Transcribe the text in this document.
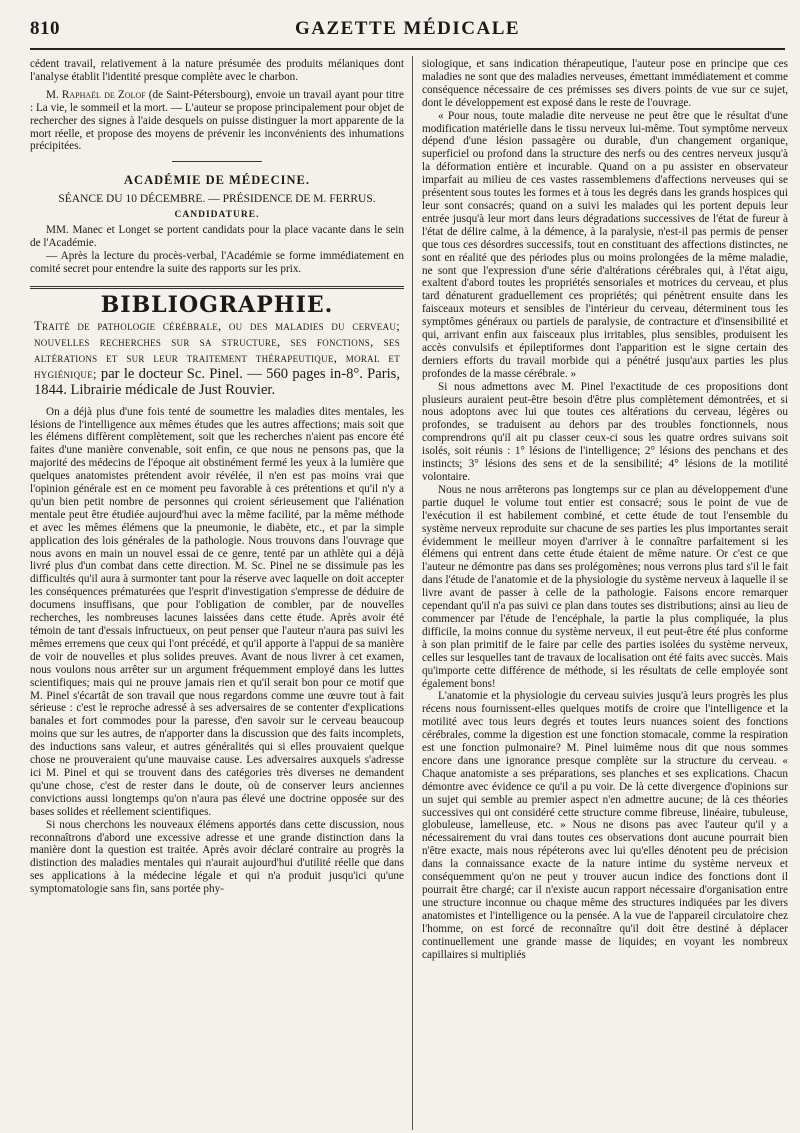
810	GAZETTE MÉDICALE

cédent travail, relativement à la nature présumée des produits mélaniques dont l'analyse établit l'identité presque complète avec le charbon.

M. Raphaël de Zolof (de Saint-Pétersbourg), envoie un travail ayant pour titre : La vie, le sommeil et la mort. — L'auteur se propose principalement pour objet de rechercher des signes à l'aide desquels on puisse distinguer la mort apparente de la mort réelle, et propose des moyens de prévenir les inconvénients des inhumations précipitées.

ACADÉMIE DE MÉDECINE.
SÉANCE DU 10 DÉCEMBRE. — PRÉSIDENCE DE M. FERRUS.
CANDIDATURE.

MM. Manec et Longet se portent candidats pour la place vacante dans le sein de l'Académie.

— Après la lecture du procès-verbal, l'Académie se forme immédiatement en comité secret pour entendre la suite des rapports sur les prix.

BIBLIOGRAPHIE.
Traité de pathologie cérébrale, ou des maladies du cerveau; nouvelles recherches sur sa structure, ses fonctions, ses altérations et sur leur traitement thérapeutique, moral et hygiénique; par le docteur Sc. Pinel. — 560 pages in-8°. Paris, 1844. Librairie médicale de Just Rouvier.

On a déjà plus d'une fois tenté de soumettre les maladies dites mentales, les lésions de l'intelligence aux mêmes études que les autres affections; mais soit que les élémens diffèrent complètement, soit que les recherches n'aient pas encore été faites d'une manière convenable, soit enfin, ce que nous ne pensons pas, que la majorité des médecins de l'époque ait obstinément fermé les yeux à la lumière que quelques anatomistes prétendent avoir révélée, il n'en est pas moins vrai que l'opinion générale est en ce moment peu favorable à ces prétentions et qu'il n'y a qu'un bien petit nombre de personnes qui croient sérieusement que l'aliénation mentale peut être étudiée aujourd'hui avec la même facilité, par la même méthode et avec les mêmes élémens que la pneumonie, le diabète, etc., et par la simple application des lois générales de la pathologie. Nous trouvons dans l'ouvrage que nous avons en main un nouvel essai de ce genre, tenté par un athlète qui a déjà livré plus d'un combat dans cette direction. M. Sc. Pinel ne se dissimule pas les difficultés qu'il aura à surmonter tant pour la réserve avec laquelle on doit accepter les conséquences prématurées que l'esprit d'investigation s'empresse de déduire de documens insuffisans, que pour l'obligation de combler, par de nouvelles recherches, les nombreuses lacunes laissées dans cette étude. Après avoir été témoin de tant d'essais infructueux, on peut penser que l'auteur n'aura pas suivi les mêmes erremens que ceux qui l'ont précédé, et qu'il apporte à l'appui de sa manière de voir de nouvelles et plus solides preuves. Avant de nous livrer à cet examen, nous voulons nous arrêter sur un argument fréquemment employé dans les luttes scientifiques; mais qui ne prouve jamais rien et qu'il serait bon pour ce motif que M. Pinel s'écartât de son travail que nous regardons comme une œuvre tout à fait sérieuse : c'est le reproche adressé à ses adversaires de se contenter d'explications banales et fort commodes pour la paresse, d'en savoir sur le cerveau beaucoup moins que sur les autres, de n'apporter dans la discussion que des faits incomplets, des inductions sans valeur, et autres généralités qui si elles prouvaient quelque chose ne prouveraient qu'une mauvaise cause. Les adversaires auxquels s'adresse ici M. Pinel et qui se trouvent dans des catégories très diverses ne demandent qu'une chose, c'est de rester dans le doute, où de conserver leurs anciennes convictions aussi longtemps qu'on n'aura pas élevé une doctrine opposée sur des bases solides et réellement scientifiques.

Si nous cherchons les nouveaux élémens apportés dans cette discussion, nous reconnaîtrons d'abord une excessive adresse et une grande distinction dans la manière dont la question est traitée. Après avoir déclaré contraire au progrès la distinction des maladies mentales qui n'aurait aujourd'hui d'utilité réelle que dans ses applications à la médecine légale et qui n'a produit jusqu'ici qu'une symptomatologie sans fin, sans portée phy-

siologique, et sans indication thérapeutique, l'auteur pose en principe que ces maladies ne sont que des maladies nerveuses, émettant immédiatement et comme conséquence nécessaire de ces prémisses ses divers points de vue sur ce sujet, dont le développement est exposé dans le reste de l'ouvrage.

« Pour nous, toute maladie dite nerveuse ne peut être que le résultat d'une modification matérielle dans le tissu nerveux lui-même. Tout symptôme nerveux dépend d'une lésion passagère ou durable, d'un changement organique, superficiel ou profond dans la structure des nerfs ou des centres nerveux jusqu'à la déformation entière et incurable. Quand on a pu assister en observateur imparfait au milieu de ces vastes rassemblemens d'affections nerveuses qui se présentent sous toutes les formes et à tous les degrés dans les grands hospices qui leur sont consacrés; quand on a suivi les malades qui les portent depuis leur entrée jusqu'à leur mort dans leurs dégradations successives de l'état de fureur à l'état de délire calme, à la démence, à la paralysie, n'est-il pas permis de penser que tous ces désordres successifs, tout en constituant des affections distinctes, ne sont en réalité que des périodes plus ou moins prolongées de la même maladie, ne sont que l'expression d'une série d'altérations cérébrales qui, à l'état aigu, exaltent d'abord toutes les propriétés sensoriales et motrices du cerveau, et plus tard dénaturent graduellement ces propriétés; qui pénètrent ensuite dans les faisceaux moteurs et sensibles de l'intérieur du cerveau, déterminent tous les symptômes généraux ou partiels de paralysie, de contracture et d'insensibilité et qui, arrivant enfin aux faisceaux plus irritables, plus sensibles, produisent les accès convulsifs et épileptiformes dont l'apparition est le signe certain des derniers efforts du travail morbide qui a pénétré jusqu'aux parties les plus profondes de la masse cérébrale. »

Si nous admettons avec M. Pinel l'exactitude de ces propositions dont plusieurs auraient peut-être besoin d'être plus complètement démontrées, et si nous adoptons avec lui que toutes ces altérations du cerveau, légères ou profondes, se traduisent au dehors par des troubles fonctionnels, nous comprendrons qu'il ait pu classer ceux-ci sous les quatre ordres suivans soit isolés, soit réunis : 1° lésions de l'intelligence; 2° lésions des penchans et des instincts; 3° lésions des sens et de la sensibilité; 4° lésions de la motilité volontaire.

Nous ne nous arrêterons pas longtemps sur ce plan au développement d'une partie duquel le volume tout entier est consacré; sous le point de vue de l'exécution il est habilement combiné, et cette étude de tout l'ensemble du système nerveux reproduite sur chacune de ses parties les plus importantes serait évidemment le meilleur moyen d'arriver à le connaître parfaitement si les élémens qui entrent dans cette étude étaient de même nature. Or c'est ce que l'auteur ne démontre pas dans ses prolégomènes; nous verrons plus tard s'il le fait dans l'étude de l'anatomie et de la physiologie du système nerveux à laquelle il se livre avant de passer à celle de la pathologie. Faisons encore remarquer cependant qu'il n'a pas suivi ce plan dans toutes ses distributions; ainsi au lieu de commencer par l'étude de l'encéphale, la partie la plus compliquée, la plus difficile, la moins connue du système nerveux, il eut peut-être été plus conforme à son plan primitif de le faire par celle des parties isolées du système nerveux, celles sur lesquelles tant de travaux de localisation ont été faits avec succès. Mais qu'importe cette différence de méthode, si les résultats de celle employée sont également bons!

L'anatomie et la physiologie du cerveau suivies jusqu'à leurs progrès les plus récens nous fournissent-elles quelques motifs de croire que l'intelligence et la motilité avec tous leurs degrés et toutes leurs nuances soient des fonctions cérébrales, comme la digestion est une fonction stomacale, comme la respiration est une fonction pulmonaire? M. Pinel luimême nous dit que nous sommes encore dans une ignorance presque complète sur la structure du cerveau. « Chaque anatomiste a ses préparations, ses planches et ses explications. Chacun démontre avec évidence ce qu'il a pu voir. De là cette divergence d'opinions sur un sujet qui semble au premier aspect n'en admettre aucune; de là ces théories successives qui ont considéré cette structure comme fibreuse, linéaire, tubuleuse, globuleuse, lamelleuse, etc. » Nous ne disons pas avec l'auteur qu'il y a nécessairement du vrai dans toutes ces observations dont aucune pourrait bien n'être exacte, mais nous répéterons avec lui qu'elles dénotent peu de précision dans la connaissance exacte de la nature intime du système nerveux et conséquemment qu'on ne peut y trouver aucun indice des fonctions dont il pourrait être chargé; car il n'existe aucun rapport nécessaire d'organisation entre une structure inconnue ou chaque même des structures indiquées par les divers anatomistes et l'intelligence ou la pensée. A la vue de l'appareil circulatoire chez l'homme, on est forcé de reconnaître qu'il doit être destiné à déplacer continuellement une grande masse de liquides; en voyant les nombreux capillaires si multipliés
